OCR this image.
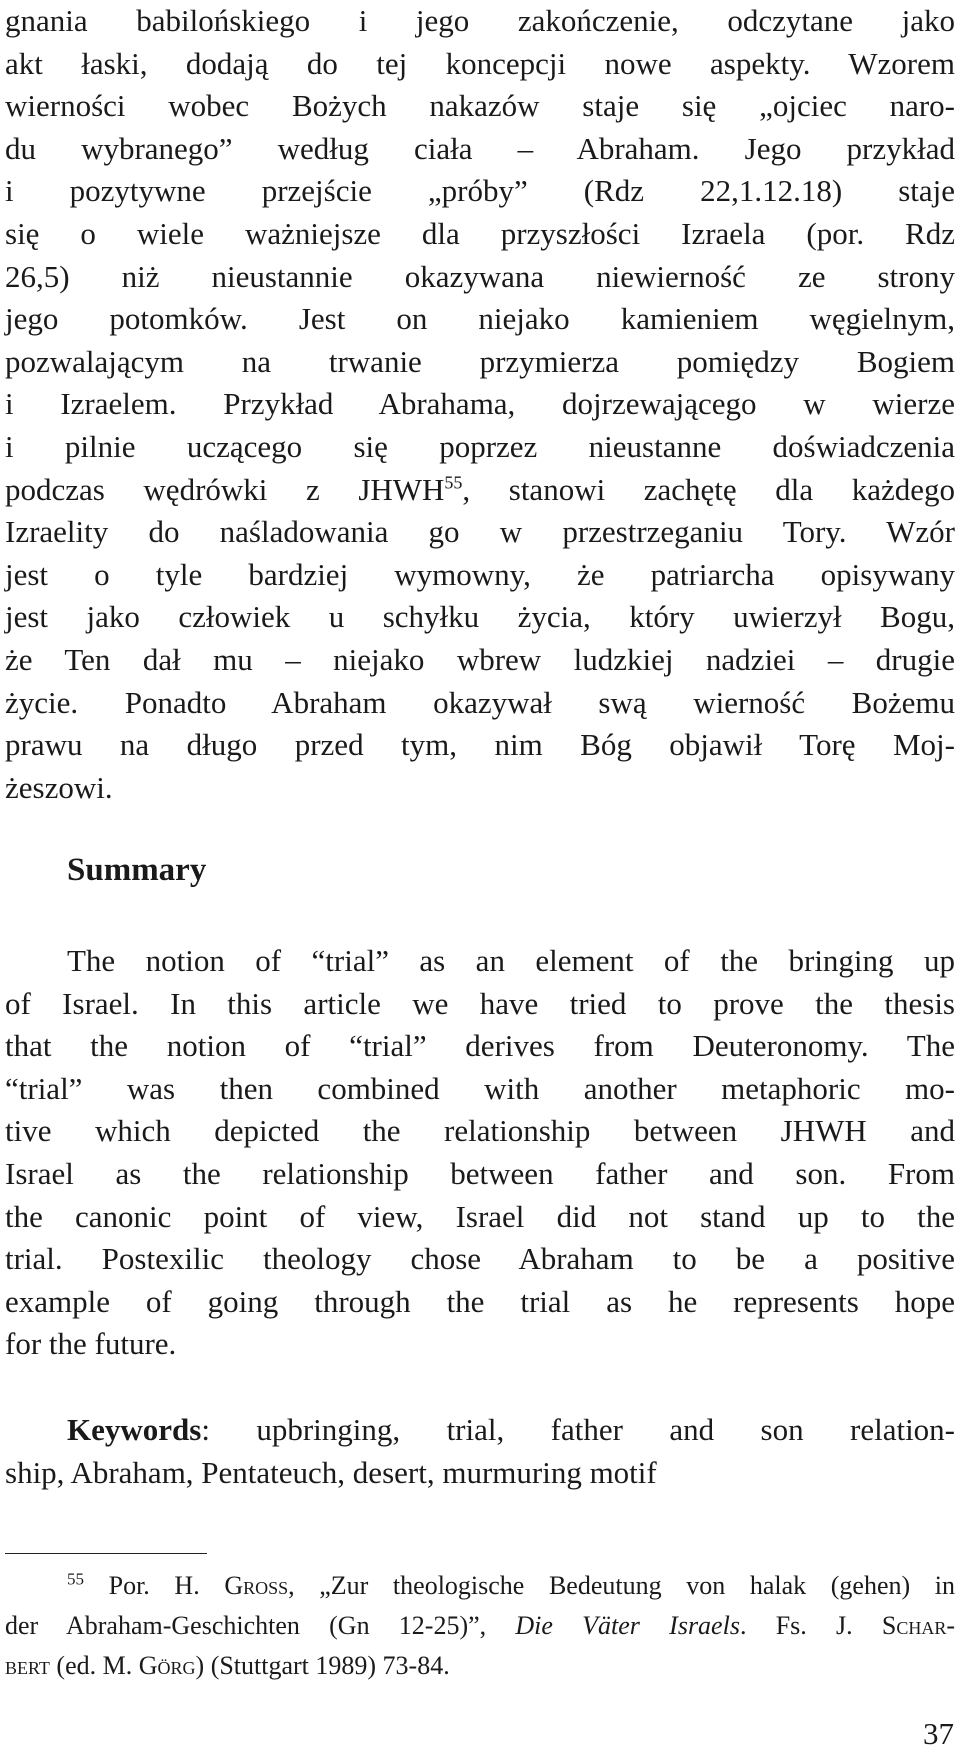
gnania babilońskiego i jego zakończenie, odczytane jako
akt łaski, dodają do tej koncepcji nowe aspekty. Wzorem
wierności wobec Bożych nakazów staje się „ojciec naro-
du wybranego” według ciała – Abraham. Jego przykład
i pozytywne przejście „próby” (Rdz 22,1.12.18) staje
się o wiele ważniejsze dla przyszłości Izraela (por. Rdz
26,5) niż nieustannie okazywana niewierność ze strony
jego potomków. Jest on niejako kamieniem węgielnym,
pozwalającym na trwanie przymierza pomiędzy Bogiem
i Izraelem. Przykład Abrahama, dojrzewającego w wierze
i pilnie uczącego się poprzez nieustanne doświadczenia
podczas wędrówki z JHWH$^{55}$, stanowi zachętę dla każdego
Izraelity do naśladowania go w przestrzeganiu Tory. Wzór
jest o tyle bardziej wymowny, że patriarcha opisywany
jest jako człowiek u schyłku życia, który uwierzył Bogu,
że Ten dał mu – niejako wbrew ludzkiej nadziei – drugie
życie. Ponadto Abraham okazywał swą wierność Bożemu
prawu na długo przed tym, nim Bóg objawił Torę Moj-
żeszowi.
Summary
The notion of “trial” as an element of the bringing up
of Israel. In this article we have tried to prove the thesis
that the notion of “trial” derives from Deuteronomy. The
“trial” was then combined with another metaphoric mo-
tive which depicted the relationship between JHWH and
Israel as the relationship between father and son. From
the canonic point of view, Israel did not stand up to the
trial. Postexilic theology chose Abraham to be a positive
example of going through the trial as he represents hope
for the future.
Keywords: upbringing, trial, father and son relation-
ship, Abraham, Pentateuch, desert, murmuring motif
$^{55}$ Por. H. Gross, „Zur theologische Bedeutung von halak (gehen) in
der Abraham-Geschichten (Gn 12-25)”, Die Väter Israels. Fs. J. Schar-
bert (ed. M. Görg) (Stuttgart 1989) 73-84.
37
